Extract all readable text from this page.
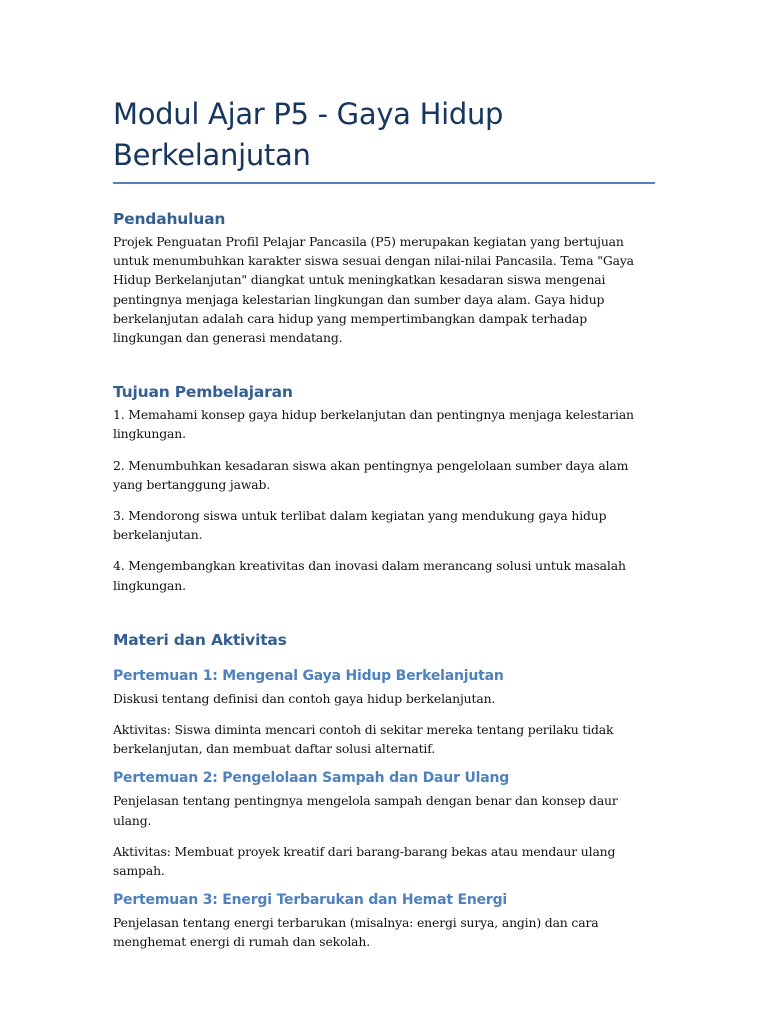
Modul Ajar P5 - Gaya Hidup Berkelanjutan
Pendahuluan

Projek Penguatan Profil Pelajar Pancasila (P5) merupakan kegiatan yang bertujuan untuk menumbuhkan karakter siswa sesuai dengan nilai-nilai Pancasila. Tema "Gaya Hidup Berkelanjutan" diangkat untuk meningkatkan kesadaran siswa mengenai pentingnya menjaga kelestarian lingkungan dan sumber daya alam. Gaya hidup berkelanjutan adalah cara hidup yang mempertimbangkan dampak terhadap lingkungan dan generasi mendatang.

Tujuan Pembelajaran

1. Memahami konsep gaya hidup berkelanjutan dan pentingnya menjaga kelestarian lingkungan.

2. Menumbuhkan kesadaran siswa akan pentingnya pengelolaan sumber daya alam yang bertanggung jawab.

3. Mendorong siswa untuk terlibat dalam kegiatan yang mendukung gaya hidup berkelanjutan.

4. Mengembangkan kreativitas dan inovasi dalam merancang solusi untuk masalah lingkungan.

Materi dan Aktivitas
Pertemuan 1: Mengenal Gaya Hidup Berkelanjutan

Diskusi tentang definisi dan contoh gaya hidup berkelanjutan.

Aktivitas: Siswa diminta mencari contoh di sekitar mereka tentang perilaku tidak berkelanjutan, dan membuat daftar solusi alternatif.

Pertemuan 2: Pengelolaan Sampah dan Daur Ulang

Penjelasan tentang pentingnya mengelola sampah dengan benar dan konsep daur ulang.

Aktivitas: Membuat proyek kreatif dari barang-barang bekas atau mendaur ulang sampah.

Pertemuan 3: Energi Terbarukan dan Hemat Energi

Penjelasan tentang energi terbarukan (misalnya: energi surya, angin) dan cara menghemat energi di rumah dan sekolah.
